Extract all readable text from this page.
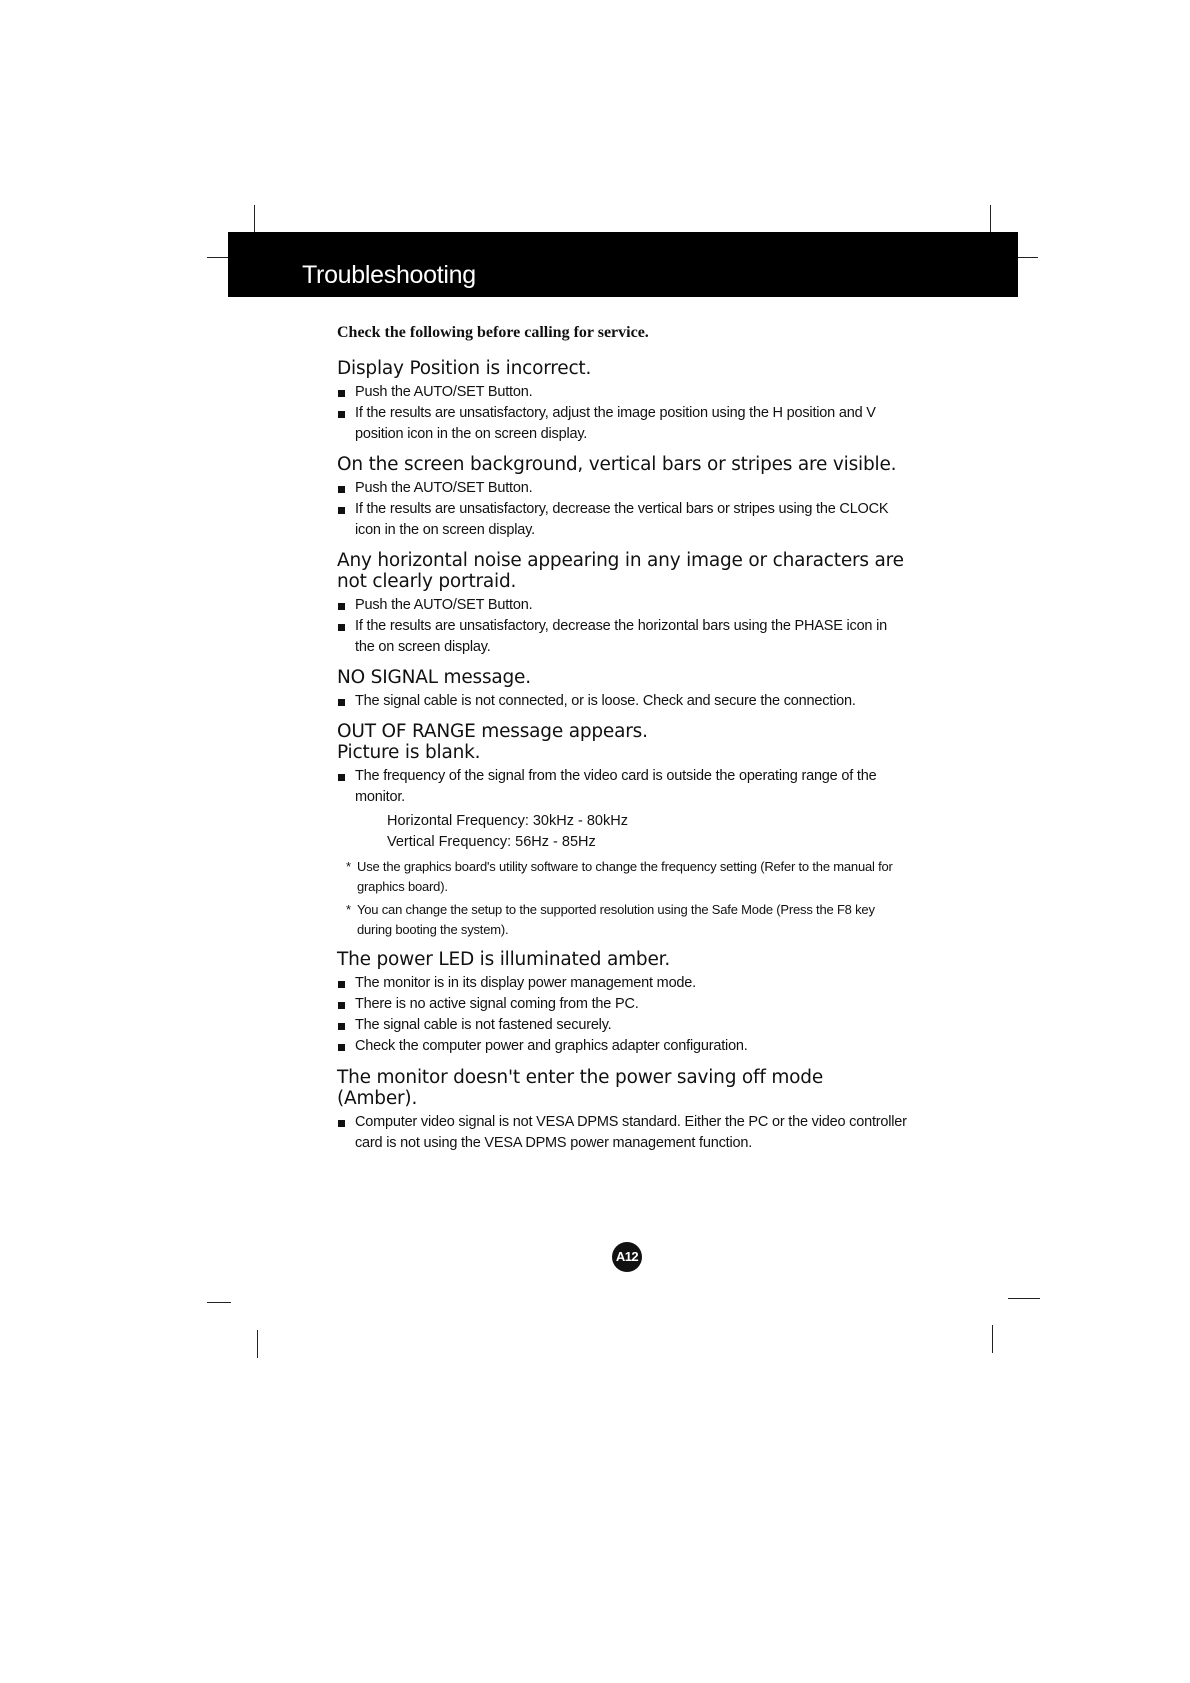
Troubleshooting
Check the following before calling for service.
Display Position is incorrect.
Push the AUTO/SET Button.
If the results are unsatisfactory, adjust the image position using the H position and V position icon in the on screen display.
On the screen background, vertical bars or stripes are visible.
Push the AUTO/SET Button.
If the results are unsatisfactory, decrease the vertical bars or stripes using the CLOCK icon in the on screen display.
Any horizontal noise appearing in any image or characters are not clearly portraid.
Push the AUTO/SET Button.
If the results are unsatisfactory, decrease the horizontal bars using the PHASE icon in the on screen display.
NO SIGNAL message.
The signal cable is not connected, or is loose. Check and secure the connection.
OUT OF RANGE message appears.
Picture is blank.
The frequency of the signal from the video card is outside the operating range of the monitor.
Horizontal Frequency: 30kHz - 80kHz
Vertical Frequency: 56Hz - 85Hz
* Use the graphics board's utility software to change the frequency setting (Refer to the manual for graphics board).
* You can change the setup to the supported resolution using the Safe Mode (Press the F8 key during booting the system).
The power LED is illuminated amber.
The monitor is in its display power management mode.
There is no active signal coming from the PC.
The signal cable is not fastened securely.
Check the computer power and graphics adapter configuration.
The monitor doesn't enter the power saving off mode (Amber).
Computer video signal is not VESA DPMS standard. Either the PC or the video controller card is not using the VESA DPMS power management function.
A12
